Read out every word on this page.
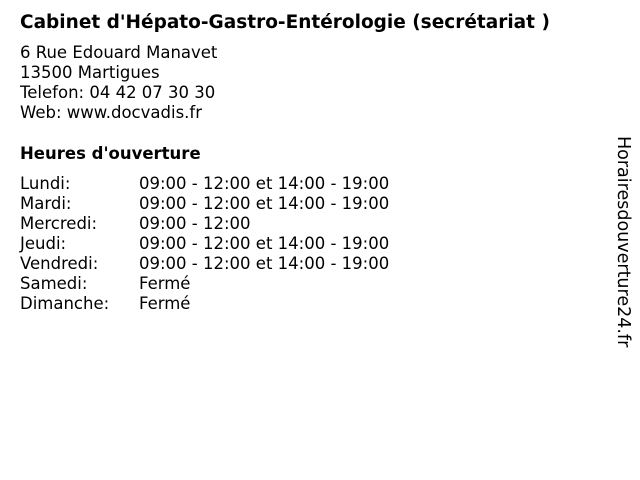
Cabinet d'Hépato-Gastro-Entérologie (secrétariat )
6 Rue Edouard Manavet
13500 Martigues
Telefon: 04 42 07 30 30
Web: www.docvadis.fr
Heures d'ouverture
Lundi:	09:00 - 12:00 et 14:00 - 19:00
Mardi:	09:00 - 12:00 et 14:00 - 19:00
Mercredi:	09:00 - 12:00
Jeudi:	09:00 - 12:00 et 14:00 - 19:00
Vendredi: 09:00 - 12:00 et 14:00 - 19:00
Samedi:	Fermé
Dimanche: Fermé	Horairesdouverture24.fr
